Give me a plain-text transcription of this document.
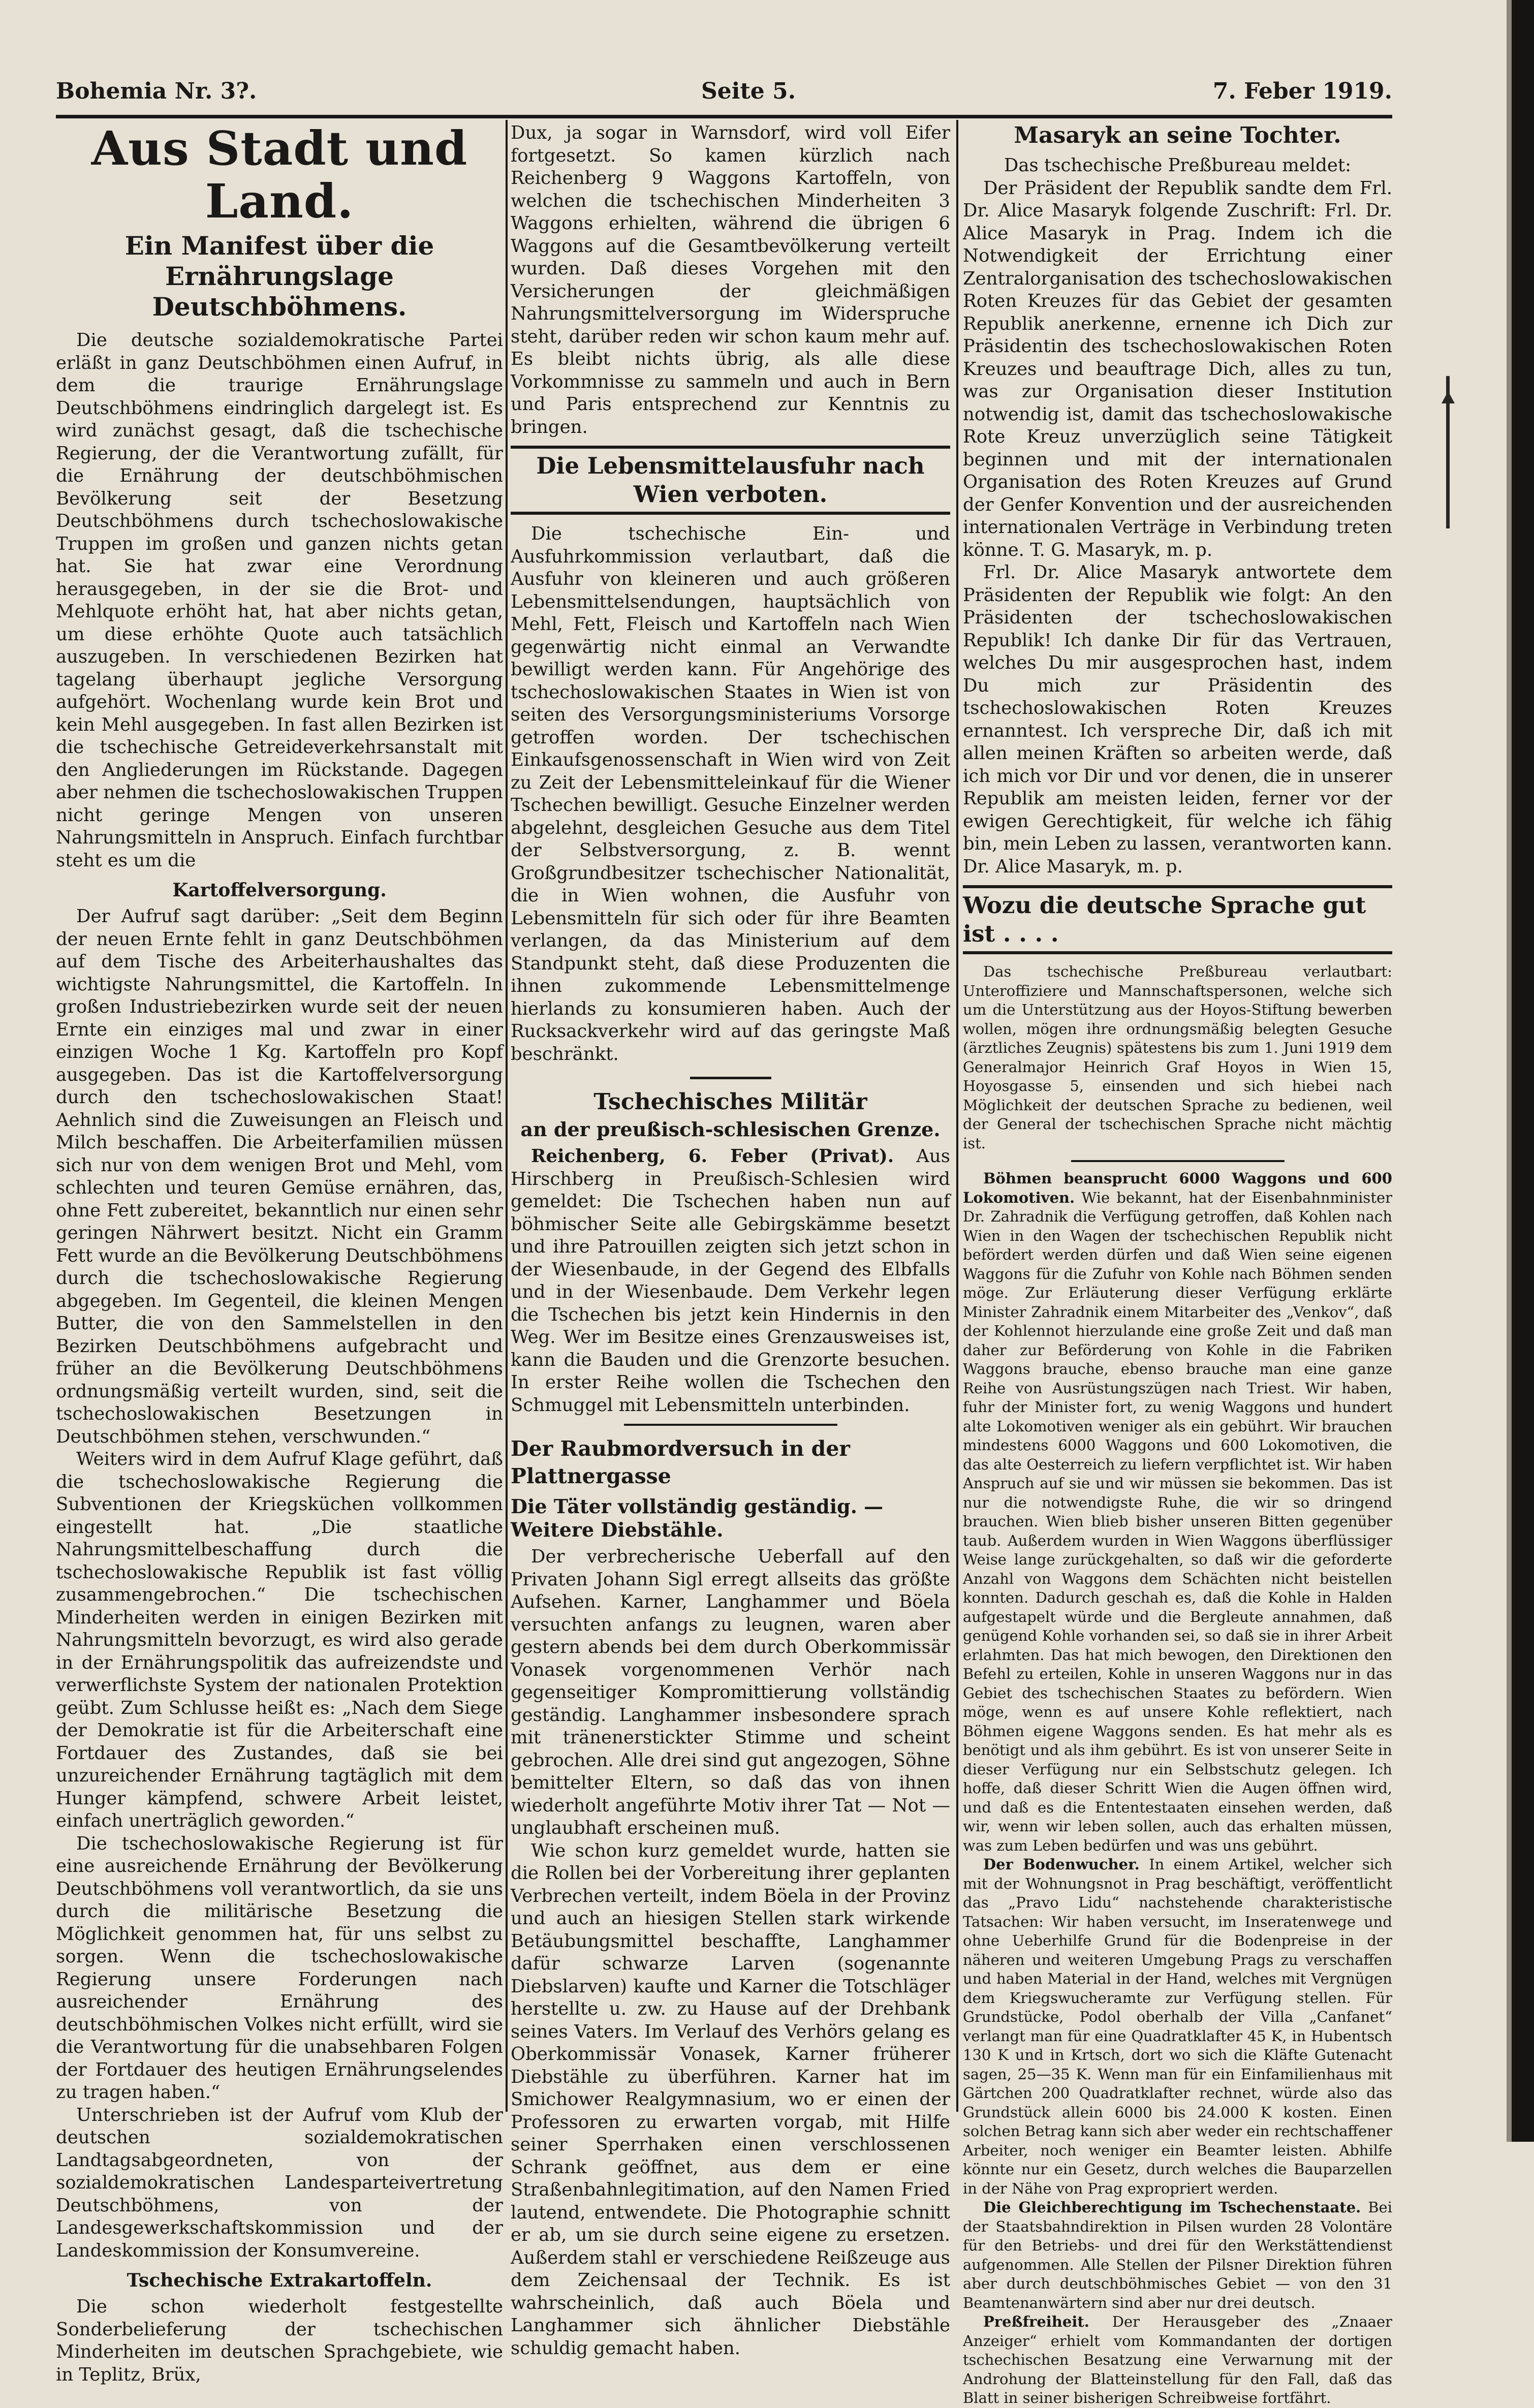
Bohemia Nr. 3?.	Seite 5.	7. Feber 1919.
Aus Stadt und Land.
Ein Manifest über die Ernährungslage Deutschböhmens.

Die deutsche sozialdemokratische Partei erläßt in ganz Deutschböhmen einen Aufruf, in dem die traurige Ernährungslage Deutschböhmens eindringlich dargelegt ist. Es wird zunächst gesagt, daß die tschechische Regierung, der die Verantwortung zufällt, für die Ernährung der deutschböhmischen Bevölkerung seit der Besetzung Deutschböhmens durch tschechoslowakische Truppen im großen und ganzen nichts getan hat. Sie hat zwar eine Verordnung herausgegeben, in der sie die Brot- und Mehlquote erhöht hat, hat aber nichts getan, um diese erhöhte Quote auch tatsächlich auszugeben. In verschiedenen Bezirken hat tagelang überhaupt jegliche Versorgung aufgehört. Wochenlang wurde kein Brot und kein Mehl ausgegeben. In fast allen Bezirken ist die tschechische Getreideverkehrsanstalt mit den Angliederungen im Rückstande. Dagegen aber nehmen die tschechoslowakischen Truppen nicht geringe Mengen von unseren Nahrungsmitteln in Anspruch. Einfach furchtbar steht es um die

Kartoffelversorgung.

Der Aufruf sagt darüber: „Seit dem Beginn der neuen Ernte fehlt in ganz Deutschböhmen auf dem Tische des Arbeiterhaushaltes das wichtigste Nahrungsmittel, die Kartoffeln. In großen Industriebezirken wurde seit der neuen Ernte ein einziges mal und zwar in einer einzigen Woche 1 Kg. Kartoffeln pro Kopf ausgegeben. Das ist die Kartoffelversorgung durch den tschechoslowakischen Staat! Aehnlich sind die Zuweisungen an Fleisch und Milch beschaffen. Die Arbeiterfamilien müssen sich nur von dem wenigen Brot und Mehl, vom schlechten und teuren Gemüse ernähren, das, ohne Fett zubereitet, bekanntlich nur einen sehr geringen Nährwert besitzt. Nicht ein Gramm Fett wurde an die Bevölkerung Deutschböhmens durch die tschechoslowakische Regierung abgegeben. Im Gegenteil, die kleinen Mengen Butter, die von den Sammelstellen in den Bezirken Deutschböhmens aufgebracht und früher an die Bevölkerung Deutschböhmens ordnungsmäßig verteilt wurden, sind, seit die tschechoslowakischen Besetzungen in Deutschböhmen stehen, verschwunden.“

Weiters wird in dem Aufruf Klage geführt, daß die tschechoslowakische Regierung die Subventionen der Kriegsküchen vollkommen eingestellt hat. „Die staatliche Nahrungsmittelbeschaffung durch die tschechoslowakische Republik ist fast völlig zusammengebrochen.“ Die tschechischen Minderheiten werden in einigen Bezirken mit Nahrungsmitteln bevorzugt, es wird also gerade in der Ernährungspolitik das aufreizendste und verwerflichste System der nationalen Protektion geübt. Zum Schlusse heißt es: „Nach dem Siege der Demokratie ist für die Arbeiterschaft eine Fortdauer des Zustandes, daß sie bei unzureichender Ernährung tagtäglich mit dem Hunger kämpfend, schwere Arbeit leistet, einfach unerträglich geworden.“

Die tschechoslowakische Regierung ist für eine ausreichende Ernährung der Bevölkerung Deutschböhmens voll verantwortlich, da sie uns durch die militärische Besetzung die Möglichkeit genommen hat, für uns selbst zu sorgen. Wenn die tschechoslowakische Regierung unsere Forderungen nach ausreichender Ernährung des deutschböhmischen Volkes nicht erfüllt, wird sie die Verantwortung für die unabsehbaren Folgen der Fortdauer des heutigen Ernährungselendes zu tragen haben.“

Unterschrieben ist der Aufruf vom Klub der deutschen sozialdemokratischen Landtagsabgeordneten, von der sozialdemokratischen Landesparteivertretung Deutschböhmens, von der Landesgewerkschaftskommission und der Landeskommission der Konsumvereine.

Tschechische Extrakartoffeln.

Die schon wiederholt festgestellte Sonderbelieferung der tschechischen Minderheiten im deutschen Sprachgebiete, wie in Teplitz, Brüx,

Dux, ja sogar in Warnsdorf, wird voll Eifer fortgesetzt. So kamen kürzlich nach Reichenberg 9 Waggons Kartoffeln, von welchen die tschechischen Minderheiten 3 Waggons erhielten, während die übrigen 6 Waggons auf die Gesamtbevölkerung verteilt wurden. Daß dieses Vorgehen mit den Versicherungen der gleichmäßigen Nahrungsmittelversorgung im Widerspruche steht, darüber reden wir schon kaum mehr auf. Es bleibt nichts übrig, als alle diese Vorkommnisse zu sammeln und auch in Bern und Paris entsprechend zur Kenntnis zu bringen.

Die Lebensmittelausfuhr nach Wien verboten.

Die tschechische Ein- und Ausfuhrkommission verlautbart, daß die Ausfuhr von kleineren und auch größeren Lebensmittelsendungen, hauptsächlich von Mehl, Fett, Fleisch und Kartoffeln nach Wien gegenwärtig nicht einmal an Verwandte bewilligt werden kann. Für Angehörige des tschechoslowakischen Staates in Wien ist von seiten des Versorgungsministeriums Vorsorge getroffen worden. Der tschechischen Einkaufsgenossenschaft in Wien wird von Zeit zu Zeit der Lebensmitteleinkauf für die Wiener Tschechen bewilligt. Gesuche Einzelner werden abgelehnt, desgleichen Gesuche aus dem Titel der Selbstversorgung, z. B. wennt Großgrundbesitzer tschechischer Nationalität, die in Wien wohnen, die Ausfuhr von Lebensmitteln für sich oder für ihre Beamten verlangen, da das Ministerium auf dem Standpunkt steht, daß diese Produzenten die ihnen zukommende Lebensmittelmenge hierlands zu konsumieren haben. Auch der Rucksackverkehr wird auf das geringste Maß beschränkt.

Tschechisches Militär
an der preußisch-schlesischen Grenze.

Reichenberg, 6. Feber (Privat). Aus Hirschberg in Preußisch-Schlesien wird gemeldet: Die Tschechen haben nun auf böhmischer Seite alle Gebirgskämme besetzt und ihre Patrouillen zeigten sich jetzt schon in der Wiesenbaude, in der Gegend des Elbfalls und in der Wiesenbaude. Dem Verkehr legen die Tschechen bis jetzt kein Hindernis in den Weg. Wer im Besitze eines Grenzausweises ist, kann die Bauden und die Grenzorte besuchen. In erster Reihe wollen die Tschechen den Schmuggel mit Lebensmitteln unterbinden.

Der Raubmordversuch in der Plattnergasse
Die Täter vollständig geständig. — Weitere Diebstähle.

Der verbrecherische Ueberfall auf den Privaten Johann Sigl erregt allseits das größte Aufsehen. Karner, Langhammer und Böela versuchten anfangs zu leugnen, waren aber gestern abends bei dem durch Oberkommissär Vonasek vorgenommenen Verhör nach gegenseitiger Kompromittierung vollständig geständig. Langhammer insbesondere sprach mit tränenerstickter Stimme und scheint gebrochen. Alle drei sind gut angezogen, Söhne bemittelter Eltern, so daß das von ihnen wiederholt angeführte Motiv ihrer Tat — Not — unglaubhaft erscheinen muß.

Wie schon kurz gemeldet wurde, hatten sie die Rollen bei der Vorbereitung ihrer geplanten Verbrechen verteilt, indem Böela in der Provinz und auch an hiesigen Stellen stark wirkende Betäubungsmittel beschaffte, Langhammer dafür schwarze Larven (sogenannte Diebslarven) kaufte und Karner die Totschläger herstellte u. zw. zu Hause auf der Drehbank seines Vaters. Im Verlauf des Verhörs gelang es Oberkommissär Vonasek, Karner früherer Diebstähle zu überführen. Karner hat im Smichower Realgymnasium, wo er einen der Professoren zu erwarten vorgab, mit Hilfe seiner Sperrhaken einen verschlossenen Schrank geöffnet, aus dem er eine Straßenbahnlegitimation, auf den Namen Fried lautend, entwendete. Die Photographie schnitt er ab, um sie durch seine eigene zu ersetzen. Außerdem stahl er verschiedene Reißzeuge aus dem Zeichensaal der Technik. Es ist wahrscheinlich, daß auch Böela und Langhammer sich ähnlicher Diebstähle schuldig gemacht haben.

Masaryk an seine Tochter.

Das tschechische Preßbureau meldet:

Der Präsident der Republik sandte dem Frl. Dr. Alice Masaryk folgende Zuschrift: Frl. Dr. Alice Masaryk in Prag. Indem ich die Notwendigkeit der Errichtung einer Zentralorganisation des tschechoslowakischen Roten Kreuzes für das Gebiet der gesamten Republik anerkenne, ernenne ich Dich zur Präsidentin des tschechoslowakischen Roten Kreuzes und beauftrage Dich, alles zu tun, was zur Organisation dieser Institution notwendig ist, damit das tschechoslowakische Rote Kreuz unverzüglich seine Tätigkeit beginnen und mit der internationalen Organisation des Roten Kreuzes auf Grund der Genfer Konvention und der ausreichenden internationalen Verträge in Verbindung treten könne. T. G. Masaryk, m. p.

Frl. Dr. Alice Masaryk antwortete dem Präsidenten der Republik wie folgt: An den Präsidenten der tschechoslowakischen Republik! Ich danke Dir für das Vertrauen, welches Du mir ausgesprochen hast, indem Du mich zur Präsidentin des tschechoslowakischen Roten Kreuzes ernanntest. Ich verspreche Dir, daß ich mit allen meinen Kräften so arbeiten werde, daß ich mich vor Dir und vor denen, die in unserer Republik am meisten leiden, ferner vor der ewigen Gerechtigkeit, für welche ich fähig bin, mein Leben zu lassen, verantworten kann. Dr. Alice Masaryk, m. p.

Wozu die deutsche Sprache gut ist . . . .

Das tschechische Preßbureau verlautbart: Unteroffiziere und Mannschaftspersonen, welche sich um die Unterstützung aus der Hoyos-Stiftung bewerben wollen, mögen ihre ordnungsmäßig belegten Gesuche (ärztliches Zeugnis) spätestens bis zum 1. Juni 1919 dem Generalmajor Heinrich Graf Hoyos in Wien 15, Hoyosgasse 5, einsenden und sich hiebei nach Möglichkeit der deutschen Sprache zu bedienen, weil der General der tschechischen Sprache nicht mächtig ist.

Böhmen beansprucht 6000 Waggons und 600 Lokomotiven. Wie bekannt, hat der Eisenbahnminister Dr. Zahradnik die Verfügung getroffen, daß Kohlen nach Wien in den Wagen der tschechischen Republik nicht befördert werden dürfen und daß Wien seine eigenen Waggons für die Zufuhr von Kohle nach Böhmen senden möge. Zur Erläuterung dieser Verfügung erklärte Minister Zahradnik einem Mitarbeiter des „Venkov“, daß der Kohlennot hierzulande eine große Zeit und daß man daher zur Beförderung von Kohle in die Fabriken Waggons brauche, ebenso brauche man eine ganze Reihe von Ausrüstungszügen nach Triest. Wir haben, fuhr der Minister fort, zu wenig Waggons und hundert alte Lokomotiven weniger als ein gebührt. Wir brauchen mindestens 6000 Waggons und 600 Lokomotiven, die das alte Oesterreich zu liefern verpflichtet ist. Wir haben Anspruch auf sie und wir müssen sie bekommen. Das ist nur die notwendigste Ruhe, die wir so dringend brauchen. Wien blieb bisher unseren Bitten gegenüber taub. Außerdem wurden in Wien Waggons überflüssiger Weise lange zurückgehalten, so daß wir die geforderte Anzahl von Waggons dem Schächten nicht beistellen konnten. Dadurch geschah es, daß die Kohle in Halden aufgestapelt würde und die Bergleute annahmen, daß genügend Kohle vorhanden sei, so daß sie in ihrer Arbeit erlahmten. Das hat mich bewogen, den Direktionen den Befehl zu erteilen, Kohle in unseren Waggons nur in das Gebiet des tschechischen Staates zu befördern. Wien möge, wenn es auf unsere Kohle reflektiert, nach Böhmen eigene Waggons senden. Es hat mehr als es benötigt und als ihm gebührt. Es ist von unserer Seite in dieser Verfügung nur ein Selbstschutz gelegen. Ich hoffe, daß dieser Schritt Wien die Augen öffnen wird, und daß es die Ententestaaten einsehen werden, daß wir, wenn wir leben sollen, auch das erhalten müssen, was zum Leben bedürfen und was uns gebührt.

Der Bodenwucher. In einem Artikel, welcher sich mit der Wohnungsnot in Prag beschäftigt, veröffentlicht das „Pravo Lidu“ nachstehende charakteristische Tatsachen: Wir haben versucht, im Inseratenwege und ohne Ueberhilfe Grund für die Bodenpreise in der näheren und weiteren Umgebung Prags zu verschaffen und haben Material in der Hand, welches mit Vergnügen dem Kriegswucheramte zur Verfügung stellen. Für Grundstücke, Podol oberhalb der Villa „Canfanet“ verlangt man für eine Quadratklafter 45 K, in Hubentsch 130 K und in Krtsch, dort wo sich die Kläfte Gutenacht sagen, 25—35 K. Wenn man für ein Einfamilienhaus mit Gärtchen 200 Quadratklafter rechnet, würde also das Grundstück allein 6000 bis 24.000 K kosten. Einen solchen Betrag kann sich aber weder ein rechtschaffener Arbeiter, noch weniger ein Beamter leisten. Abhilfe könnte nur ein Gesetz, durch welches die Bauparzellen in der Nähe von Prag expropriert werden.

Die Gleichberechtigung im Tschechenstaate. Bei der Staatsbahndirektion in Pilsen wurden 28 Volontäre für den Betriebs- und drei für den Werkstättendienst aufgenommen. Alle Stellen der Pilsner Direktion führen aber durch deutschböhmisches Gebiet — von den 31 Beamtenanwärtern sind aber nur drei deutsch.

Preßfreiheit. Der Herausgeber des „Znaaer Anzeiger“ erhielt vom Kommandanten der dortigen tschechischen Besatzung eine Verwarnung mit der Androhung der Blatteinstellung für den Fall, daß das Blatt in seiner bisherigen Schreibweise fortfährt.
